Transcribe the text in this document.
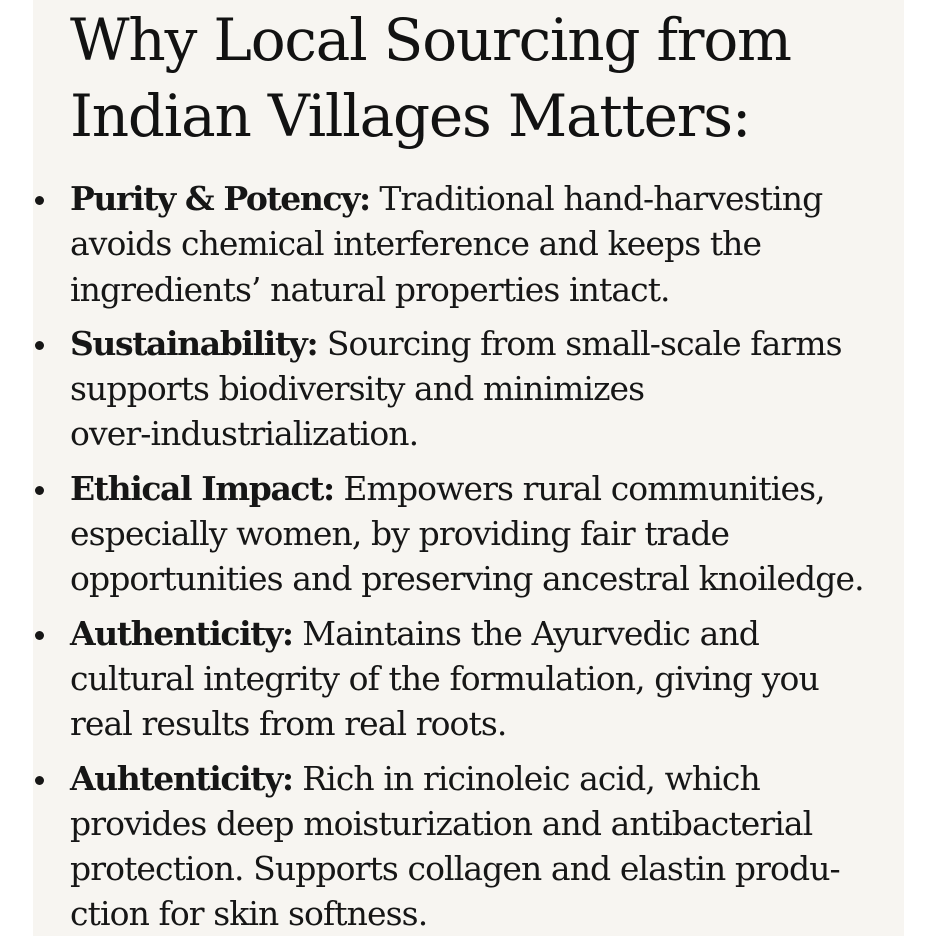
Why Local Sourcing from
Indian Villages Matters:
Purity & Potency: Traditional hand-harvesting
avoids chemical interference and keeps the
ingredients’ natural properties intact.
Sustainability: Sourcing from small-scale farms
supports biodiversity and minimizes
over-industrialization.
Ethical Impact: Empowers rural communities,
especially women, by providing fair trade
opportunities and preserving ancestral knoiledge.
Authenticity: Maintains the Ayurvedic and
cultural integrity of the formulation, giving you
real results from real roots.
Auhtenticity: Rich in ricinoleic acid, which
provides deep moisturization and antibacterial
protection. Supports collagen and elastin produ-
ction for skin softness.
